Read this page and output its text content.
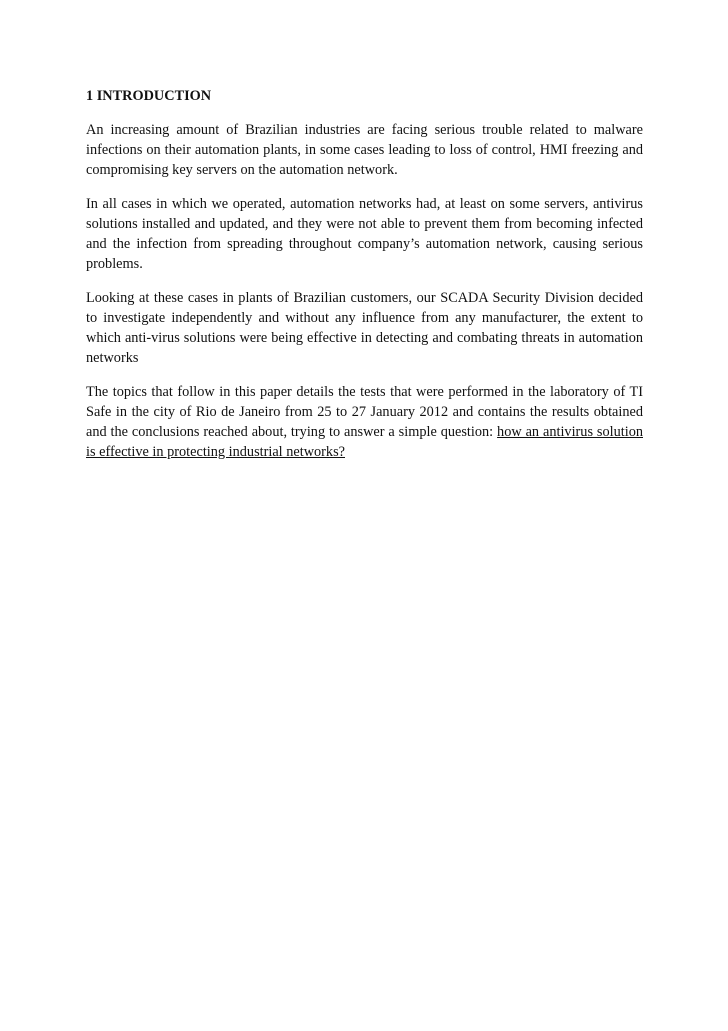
1 INTRODUCTION

An increasing amount of Brazilian industries are facing serious trouble related to malware infections on their automation plants, in some cases leading to loss of control, HMI freezing and compromising key servers on the automation network.

In all cases in which we operated, automation networks had, at least on some servers, antivirus solutions installed and updated, and they were not able to prevent them from becoming infected and the infection from spreading throughout company’s automation network, causing serious problems.

Looking at these cases in plants of Brazilian customers, our SCADA Security Division decided to investigate independently and without any influence from any manufacturer, the extent to which anti-virus solutions were being effective in detecting and combating threats in automation networks

The topics that follow in this paper details the tests that were performed in the laboratory of TI Safe in the city of Rio de Janeiro from 25 to 27 January 2012 and contains the results obtained and the conclusions reached about, trying to answer a simple question: how an antivirus solution is effective in protecting industrial networks?
